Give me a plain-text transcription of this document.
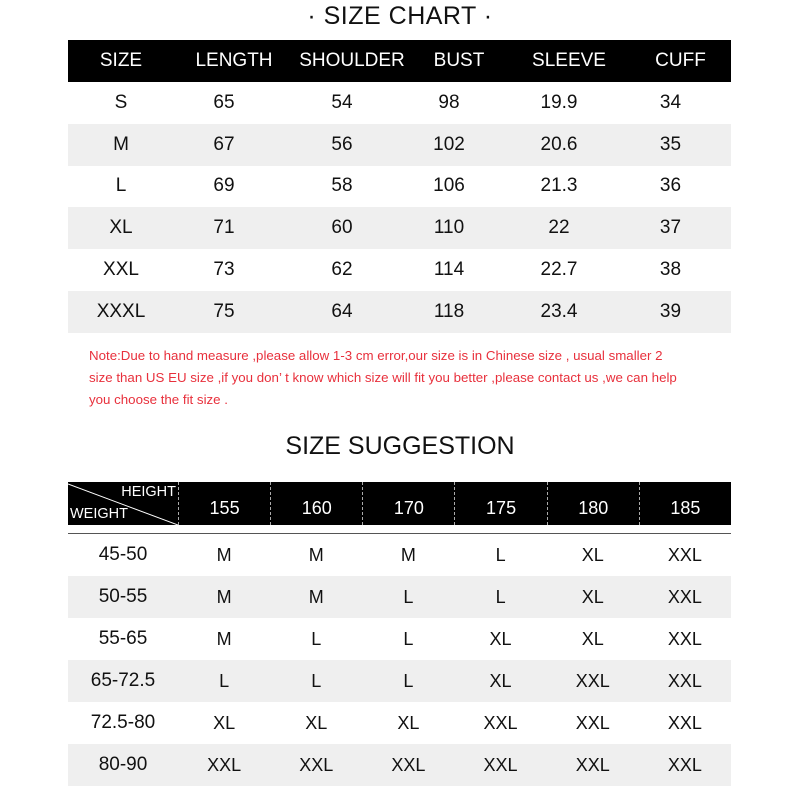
· SIZE CHART ·
SIZE	LENGTH	SHOULDER	BUST	SLEEVE	CUFF
S	65	54	98	19.9	34
M	67	56	102	20.6	35
L	69	58	106	21.3	36
XL	71	60	110	22	37
XXL	73	62	114	22.7	38
XXXL	75	64	118	23.4	39
Note:Due to hand measure ,please allow 1-3 cm error,our size is in Chinese size , usual smaller 2 size than US EU size ,if you don’ t know which size will fit you better ,please contact us ,we can help you choose the fit size .
SIZE SUGGESTION
HEIGHT
WEIGHT	155	160	170	175	180	185
45-50	M	M	M	L	XL	XXL
50-55	M	M	L	L	XL	XXL
55-65	M	L	L	XL	XL	XXL
65-72.5	L	L	L	XL	XXL	XXL
72.5-80	XL	XL	XL	XXL	XXL	XXL
80-90	XXL	XXL	XXL	XXL	XXL	XXL
